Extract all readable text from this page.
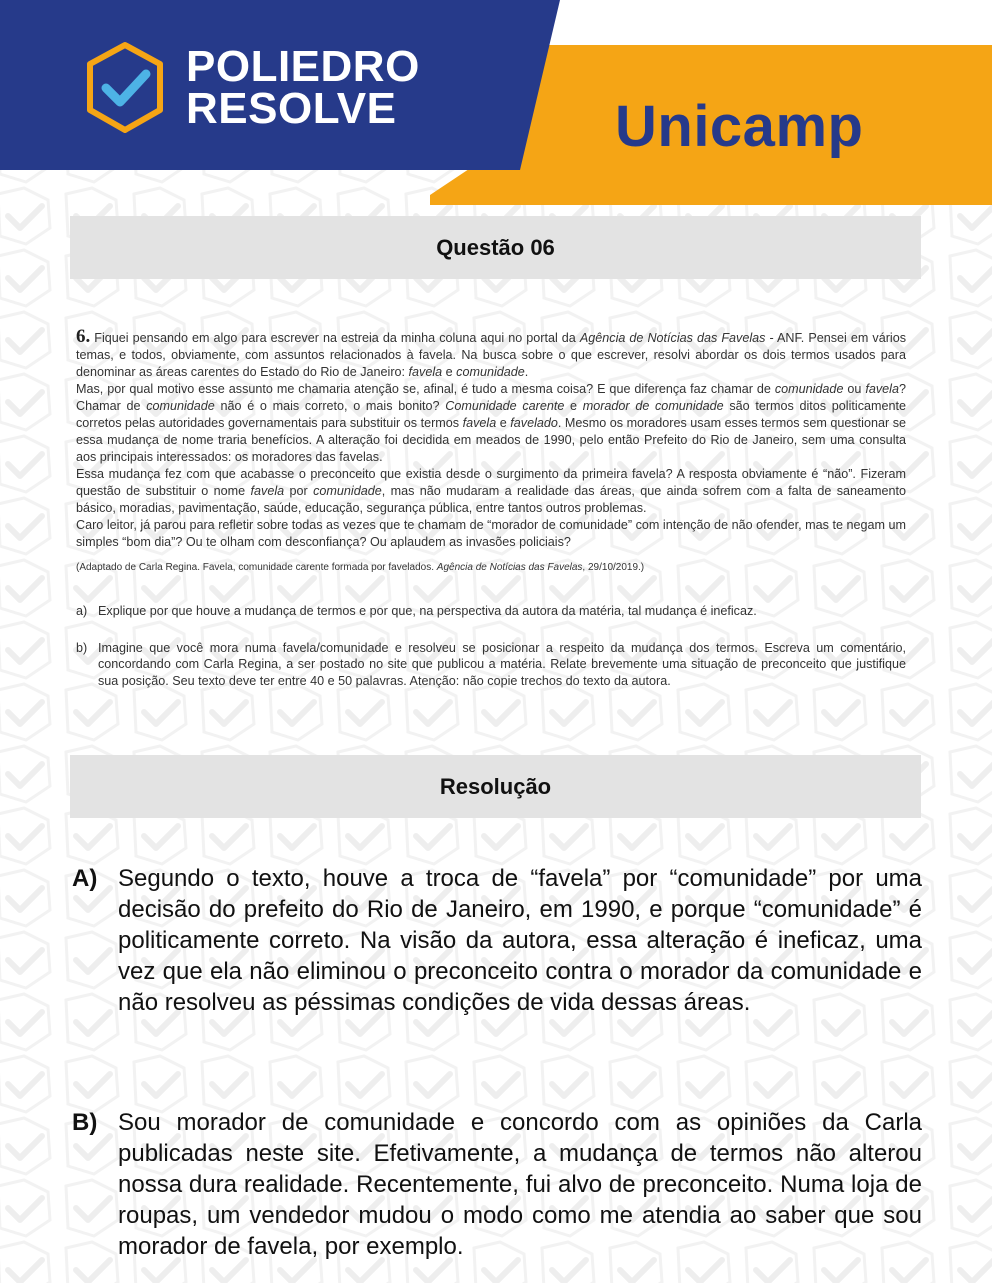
POLIEDRO
RESOLVE	Unicamp
Questão 06

6. Fiquei pensando em algo para escrever na estreia da minha coluna aqui no portal da Agência de Notícias das Favelas - ANF. Pensei em vários temas, e todos, obviamente, com assuntos relacionados à favela. Na busca sobre o que escrever, resolvi abordar os dois termos usados para denominar as áreas carentes do Estado do Rio de Janeiro: favela e comunidade.

Mas, por qual motivo esse assunto me chamaria atenção se, afinal, é tudo a mesma coisa? E que diferença faz chamar de comunidade ou favela? Chamar de comunidade não é o mais correto, o mais bonito? Comunidade carente e morador de comunidade são termos ditos politicamente corretos pelas autoridades governamentais para substituir os termos favela e favelado. Mesmo os moradores usam esses termos sem questionar se essa mudança de nome traria benefícios. A alteração foi decidida em meados de 1990, pelo então Prefeito do Rio de Janeiro, sem uma consulta aos principais interessados: os moradores das favelas.

Essa mudança fez com que acabasse o preconceito que existia desde o surgimento da primeira favela? A resposta obviamente é “não”. Fizeram questão de substituir o nome favela por comunidade, mas não mudaram a realidade das áreas, que ainda sofrem com a falta de saneamento básico, moradias, pavimentação, saúde, educação, segurança pública, entre tantos outros problemas.

Caro leitor, já parou para refletir sobre todas as vezes que te chamam de “morador de comunidade” com intenção de não ofender, mas te negam um simples “bom dia”? Ou te olham com desconfiança? Ou aplaudem as invasões policiais?

(Adaptado de Carla Regina. Favela, comunidade carente formada por favelados. Agência de Notícias das Favelas, 29/10/2019.)

a) Explique por que houve a mudança de termos e por que, na perspectiva da autora da matéria, tal mudança é ineficaz.
b) Imagine que você mora numa favela/comunidade e resolveu se posicionar a respeito da mudança dos termos. Escreva um comentário, concordando com Carla Regina, a ser postado no site que publicou a matéria. Relate brevemente uma situação de preconceito que justifique sua posição. Seu texto deve ter entre 40 e 50 palavras. Atenção: não copie trechos do texto da autora.
Resolução
A) Segundo o texto, houve a troca de “favela” por “comunidade” por uma decisão do prefeito do Rio de Janeiro, em 1990, e porque “comunidade” é politicamente correto. Na visão da autora, essa alteração é ineficaz, uma vez que ela não eliminou o preconceito contra o morador da comunidade e não resolveu as péssimas condições de vida dessas áreas.
B) Sou morador de comunidade e concordo com as opiniões da Carla publicadas neste site. Efetivamente, a mudança de termos não alterou nossa dura realidade. Recentemente, fui alvo de preconceito. Numa loja de roupas, um vendedor mudou o modo como me atendia ao saber que sou morador de favela, por exemplo.
